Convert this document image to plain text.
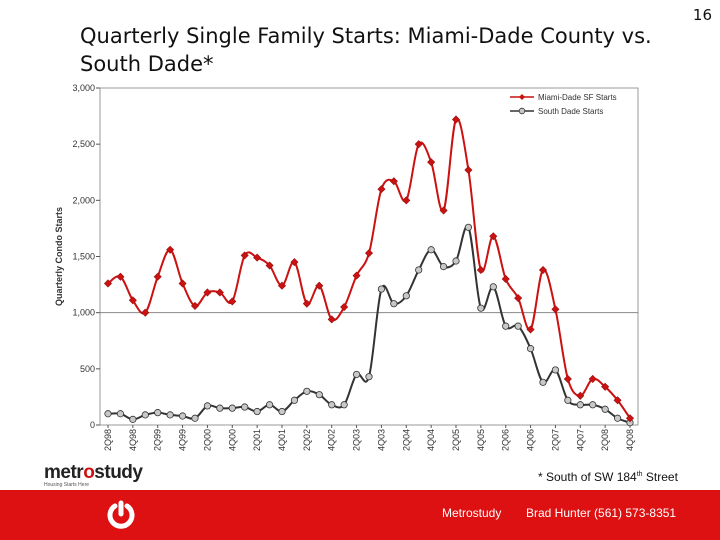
Quarterly Single Family Starts: Miami-Dade County vs. South Dade*
16
0
500
1,000
1,500
2,000
2,500
3,000
Quarterly Condo Starts
2Q98 4Q98 2Q99 4Q99 2Q00 4Q00 2Q01 4Q01 2Q02 4Q02 2Q03 4Q03 2Q04 4Q04 2Q05 4Q05 2Q06 4Q06 2Q07 4Q07 2Q08 4Q08
Miami-Dade SF Starts
South Dade Starts
metrostudy
Housing Starts Here
* South of SW 184th Street
Metrostudy Brad Hunter (561) 573-8351
